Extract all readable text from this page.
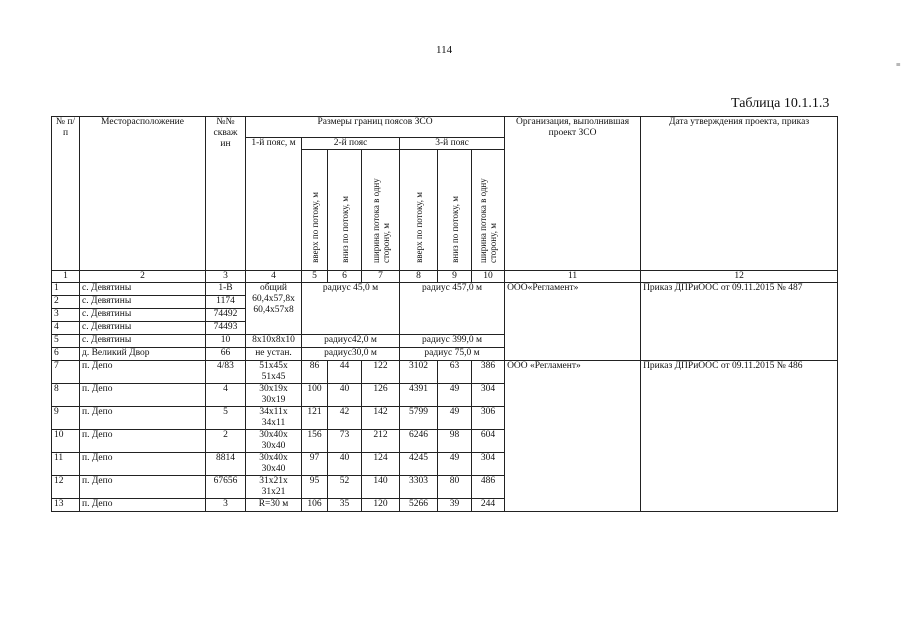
114
Таблица 10.1.1.3
≡
№ п/п	Месторасположение	№№ скваж ин	Размеры границ поясов ЗСО							Организация, выполнившая проект ЗСО	Дата утверждения проекта, приказ
			1-й пояс, м	2-й пояс			3-й пояс				
				вверх по потоку, м	вниз по потоку, м	ширина потока в одну сторону, м	вверх по потоку, м	вниз по потоку, м	ширина потока в одну сторону, м		
1	2	3	4	5	6	7	8	9	10	11	12
1	с. Девятины	1-В	общий 60,4х57,8х 60,4х57х8	радиус 45,0 м			радиус 457,0 м			ООО«Регламент»	Приказ ДПРиООС от 09.11.2015 № 487
2	с. Девятины	1174									
3	с. Девятины	74492									
4	с. Девятины	74493									
5	с. Девятины	10	8х10х8х10	радиус42,0 м			радиус 399,0 м				
6	д. Великий Двор	66	не устан.	радиус30,0 м			радиус 75,0 м				
7	п. Депо	4/83	51х45х 51х45	86	44	122	3102	63	386	ООО «Регламент»	Приказ ДПРиООС от 09.11.2015 № 486
8	п. Депо	4	30х19х 30х19	100	40	126	4391	49	304		
9	п. Депо	5	34х11х 34х11	121	42	142	5799	49	306		
10	п. Депо	2	30х40х 30х40	156	73	212	6246	98	604		
11	п. Депо	8814	30х40х 30х40	97	40	124	4245	49	304		
12	п. Депо	67656	31х21х 31х21	95	52	140	3303	80	486		
13	п. Депо	3	R=30 м	106	35	120	5266	39	244		
